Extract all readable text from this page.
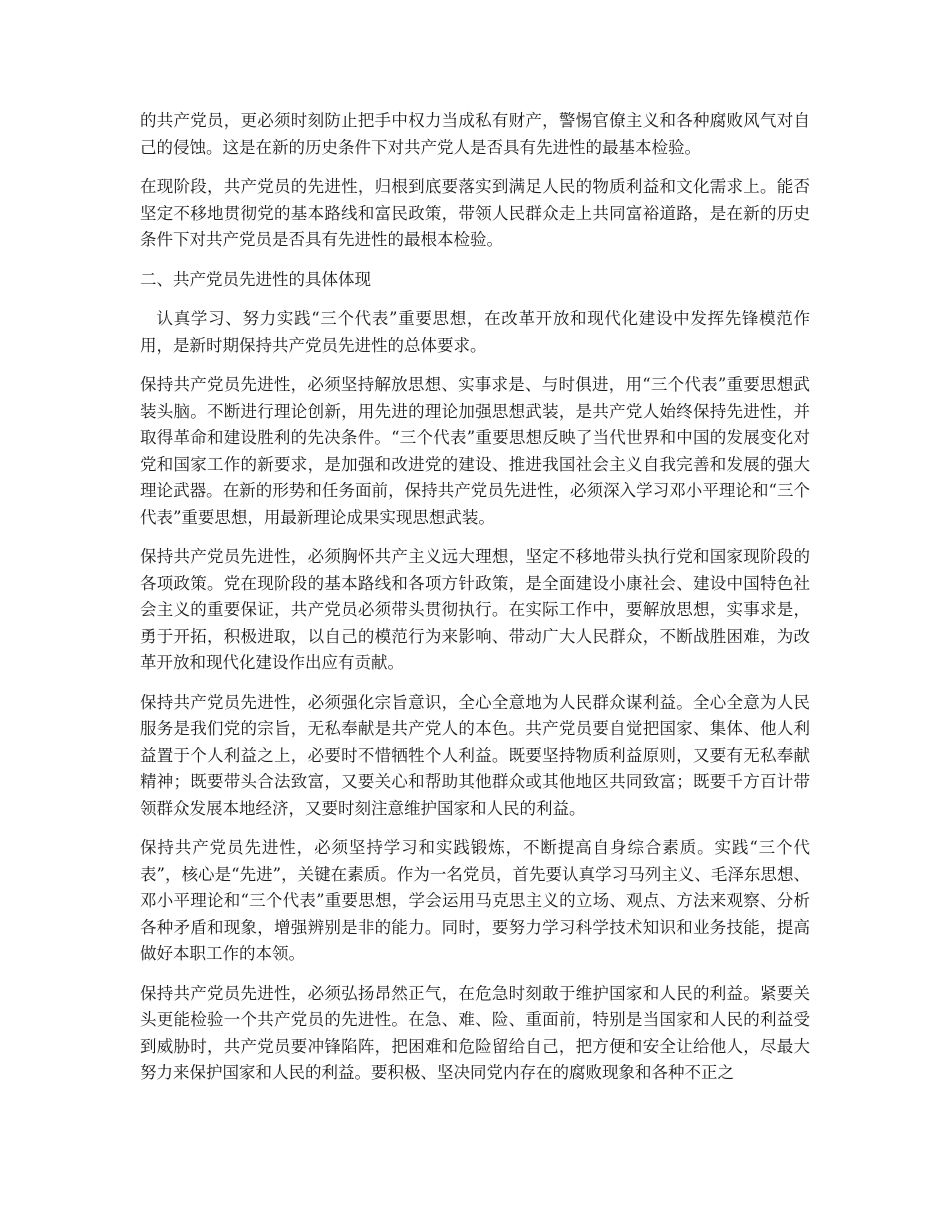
的共产党员，更必须时刻防止把手中权力当成私有财产，警惕官僚主义和各种腐败风气对自己的侵蚀。这是在新的历史条件下对共产党人是否具有先进性的最基本检验。

在现阶段，共产党员的先进性，归根到底要落实到满足人民的物质利益和文化需求上。能否坚定不移地贯彻党的基本路线和富民政策，带领人民群众走上共同富裕道路，是在新的历史条件下对共产党员是否具有先进性的最根本检验。

二、共产党员先进性的具体体现

认真学习、努力实践“三个代表”重要思想，在改革开放和现代化建设中发挥先锋模范作用，是新时期保持共产党员先进性的总体要求。

保持共产党员先进性，必须坚持解放思想、实事求是、与时俱进，用“三个代表”重要思想武装头脑。不断进行理论创新，用先进的理论加强思想武装，是共产党人始终保持先进性，并取得革命和建设胜利的先决条件。“三个代表”重要思想反映了当代世界和中国的发展变化对党和国家工作的新要求，是加强和改进党的建设、推进我国社会主义自我完善和发展的强大理论武器。在新的形势和任务面前，保持共产党员先进性，必须深入学习邓小平理论和“三个代表”重要思想，用最新理论成果实现思想武装。

保持共产党员先进性，必须胸怀共产主义远大理想，坚定不移地带头执行党和国家现阶段的各项政策。党在现阶段的基本路线和各项方针政策，是全面建设小康社会、建设中国特色社会主义的重要保证，共产党员必须带头贯彻执行。在实际工作中，要解放思想，实事求是，勇于开拓，积极进取，以自己的模范行为来影响、带动广大人民群众，不断战胜困难，为改革开放和现代化建设作出应有贡献。

保持共产党员先进性，必须强化宗旨意识，全心全意地为人民群众谋利益。全心全意为人民服务是我们党的宗旨，无私奉献是共产党人的本色。共产党员要自觉把国家、集体、他人利益置于个人利益之上，必要时不惜牺牲个人利益。既要坚持物质利益原则，又要有无私奉献精神；既要带头合法致富，又要关心和帮助其他群众或其他地区共同致富；既要千方百计带领群众发展本地经济，又要时刻注意维护国家和人民的利益。

保持共产党员先进性，必须坚持学习和实践锻炼，不断提高自身综合素质。实践“三个代表”，核心是“先进”，关键在素质。作为一名党员，首先要认真学习马列主义、毛泽东思想、邓小平理论和“三个代表”重要思想，学会运用马克思主义的立场、观点、方法来观察、分析各种矛盾和现象，增强辨别是非的能力。同时，要努力学习科学技术知识和业务技能，提高做好本职工作的本领。

保持共产党员先进性，必须弘扬昂然正气，在危急时刻敢于维护国家和人民的利益。紧要关头更能检验一个共产党员的先进性。在急、难、险、重面前，特别是当国家和人民的利益受到威胁时，共产党员要冲锋陷阵，把困难和危险留给自己，把方便和安全让给他人，尽最大努力来保护国家和人民的利益。要积极、坚决同党内存在的腐败现象和各种不正之
